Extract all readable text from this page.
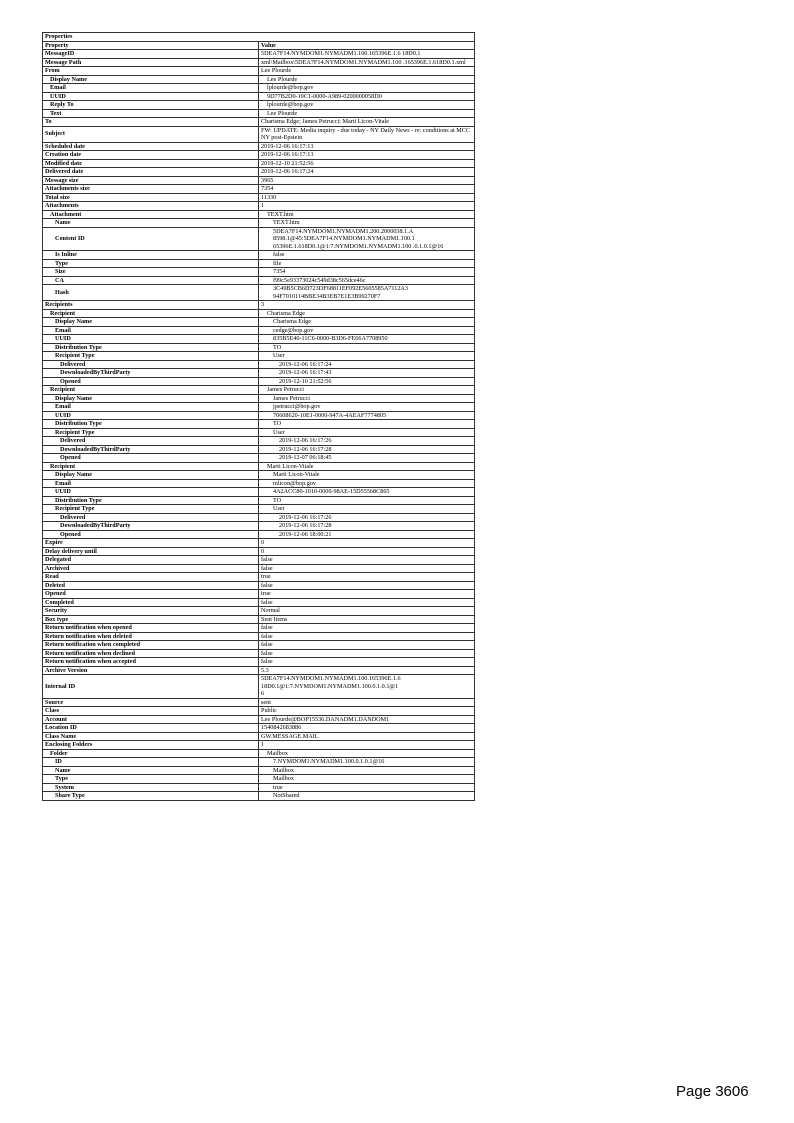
Properties	
Property	Value
MessageID	5DEA7F14.NYMDOM1.NYMADM1.100.165396E.1.6 18D0.1
Message Path	xml\Mailbox\5DEA7F14.NYMDOM1.NYMADM1.100 .165396E.1.618D0.1.xml
From	Lee Plourde
Display Name	Lee Plourde
Email	lplourde@bop.gov
UUID	9D77B2D0-19C1-0000-A989-0200000058D0
Reply To	lplourde@bop.gov
Text	Lee Plourde
To	Charisma Edge; James Petrucci; Marti Licon-Vitale
Subject	FW: UPDATE: Media inquiry - due today - NY Daily News - re: conditions at MCC NY post-Epstein
Scheduled date	2019-12-06 16:17:13
Creation date	2019-12-06 16:17:13
Modified date	2019-12-10 21:52:56
Delivered date	2019-12-06 16:17:24
Message size	3965
Attachments size	7354
Total size	11330
Attachments	1
Attachment	TEXT.htm
Name	TEXT.htm
Content ID	5DEA7F14.NYMDOM1.NYMADM1.200.2000038.1.A
8598.1@45:5DEA7F14.NYMDOM1.NYMADM1.100.1
65396E.1.618D0.1@1:7.NYMDOM1.NYMADM1.100 .0.1.0.1@16
Is Inline	false
Type	file
Size	7354
CA	f99c5e93373024c549d38c565dce46c
Hash	3C49B5CB6D723DF68811EF092E5605585A7112A3 94F7010114BBE34B3EB7E1E3B99270F7
Recipients	3
Recipient	Charisma Edge
Display Name	Charisma Edge
Email	cedge@bop.gov
UUID	835B5E40-11C6-0000-B3D6-FE66A7708950
Distribution Type	TO
Recipient Type	User
Delivered	2019-12-06 16:17:24
DownloadedByThirdParty	2019-12-06 16:17:43
Opened	2019-12-10 21:52:56
Recipient	James Petrucci
Display Name	James Petrucci
Email	jpetrucci@bop.gov
UUID	70608620-10E1-0000-947A-4AEAF7774805
Distribution Type	TO
Recipient Type	User
Delivered	2019-12-06 16:17:26
DownloadedByThirdParty	2019-12-06 16:17:28
Opened	2019-12-07 06:18:45
Recipient	Marti Licon-Vitale
Display Name	Marti Licon-Vitale
Email	mlicon@bop.gov
UUID	4A2ACC80-1010-0000-98AE-15D55568C865
Distribution Type	TO
Recipient Type	User
Delivered	2019-12-06 16:17:26
DownloadedByThirdParty	2019-12-06 16:17:28
Opened	2019-12-06 18:00:21
Expire	0
Delay delivery until	0
Delegated	false
Archived	false
Read	true
Deleted	false
Opened	true
Completed	false
Security	Normal
Box type	Sent Items
Return notification when opened	false
Return notification when deleted	false
Return notification when completed	false
Return notification when declined	false
Return notification when accepted	false
Archive Version	5.3
Internal ID	5DEA7F14.NYMDOM1.NYMADM1.100.165396E.1.6 18D0.1@1:7.NYMDOM1.NYMADM1.100.0.1.0.1@1
6
Source	sent
Class	Public
Account	Lee Plourde@BOP15536.DANADM1.DANDOM1
Location ID	1540842683886
Class Name	GW.MESSAGE.MAIL
Enclosing Folders	1
Folder	Mailbox
ID	7.NYMDOM1.NYMADM1.100.0.1.0.1@16
Name	Mailbox
Type	Mailbox
System	true
Share Type	NotShared
Page 3606
